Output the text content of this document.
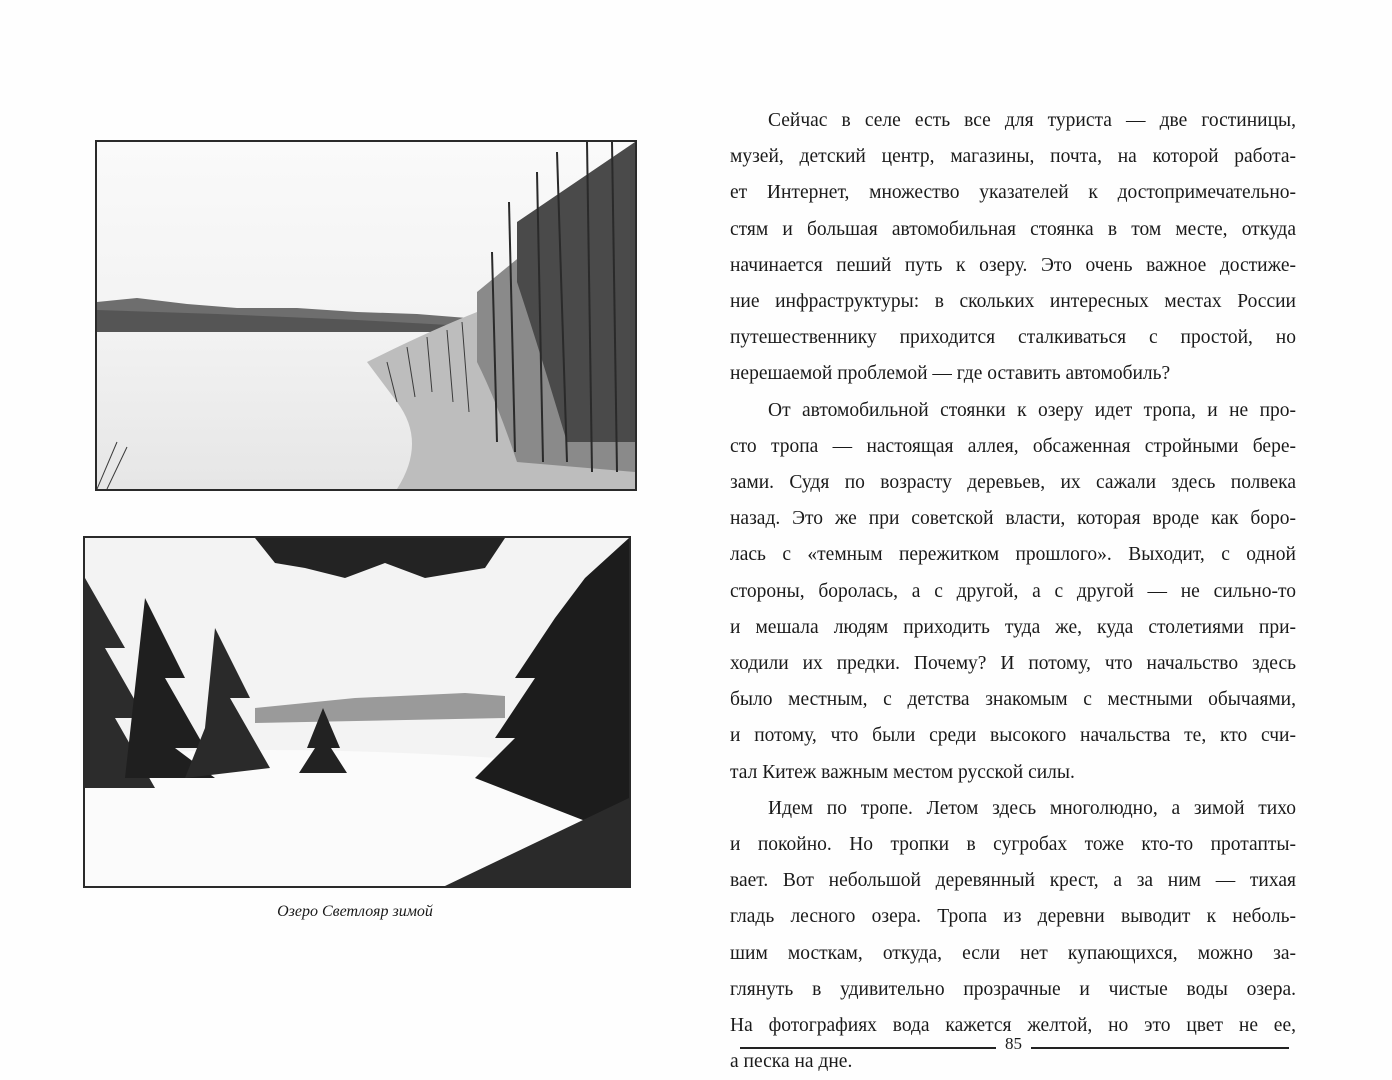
Озеро Светлояр зимой

Сейчас в селе есть все для туриста — две гостиницы,
музей, детский центр, магазины, почта, на которой работа-
ет Интернет, множество указателей к достопримечательно-
стям и большая автомобильная стоянка в том месте, откуда
начинается пеший путь к озеру. Это очень важное достиже-
ние инфраструктуры: в скольких интересных местах России
путешественнику приходится сталкиваться с простой, но
нерешаемой проблемой — где оставить автомобиль?

От автомобильной стоянки к озеру идет тропа, и не про-
сто тропа — настоящая аллея, обсаженная стройными бере-
зами. Судя по возрасту деревьев, их сажали здесь полвека
назад. Это же при советской власти, которая вроде как боро-
лась с «темным пережитком прошлого». Выходит, с одной
стороны, боролась, а с другой, а с другой — не сильно-то
и мешала людям приходить туда же, куда столетиями при-
ходили их предки. Почему? И потому, что начальство здесь
было местным, с детства знакомым с местными обычаями,
и потому, что были среди высокого начальства те, кто счи-
тал Китеж важным местом русской силы.

Идем по тропе. Летом здесь многолюдно, а зимой тихо
и покойно. Но тропки в сугробах тоже кто-то протапты-
вает. Вот небольшой деревянный крест, а за ним — тихая
гладь лесного озера. Тропа из деревни выводит к неболь-
шим мосткам, откуда, если нет купающихся, можно за-
глянуть в удивительно прозрачные и чистые воды озера.
На фотографиях вода кажется желтой, но это цвет не ее,
а песка на дне.

85
